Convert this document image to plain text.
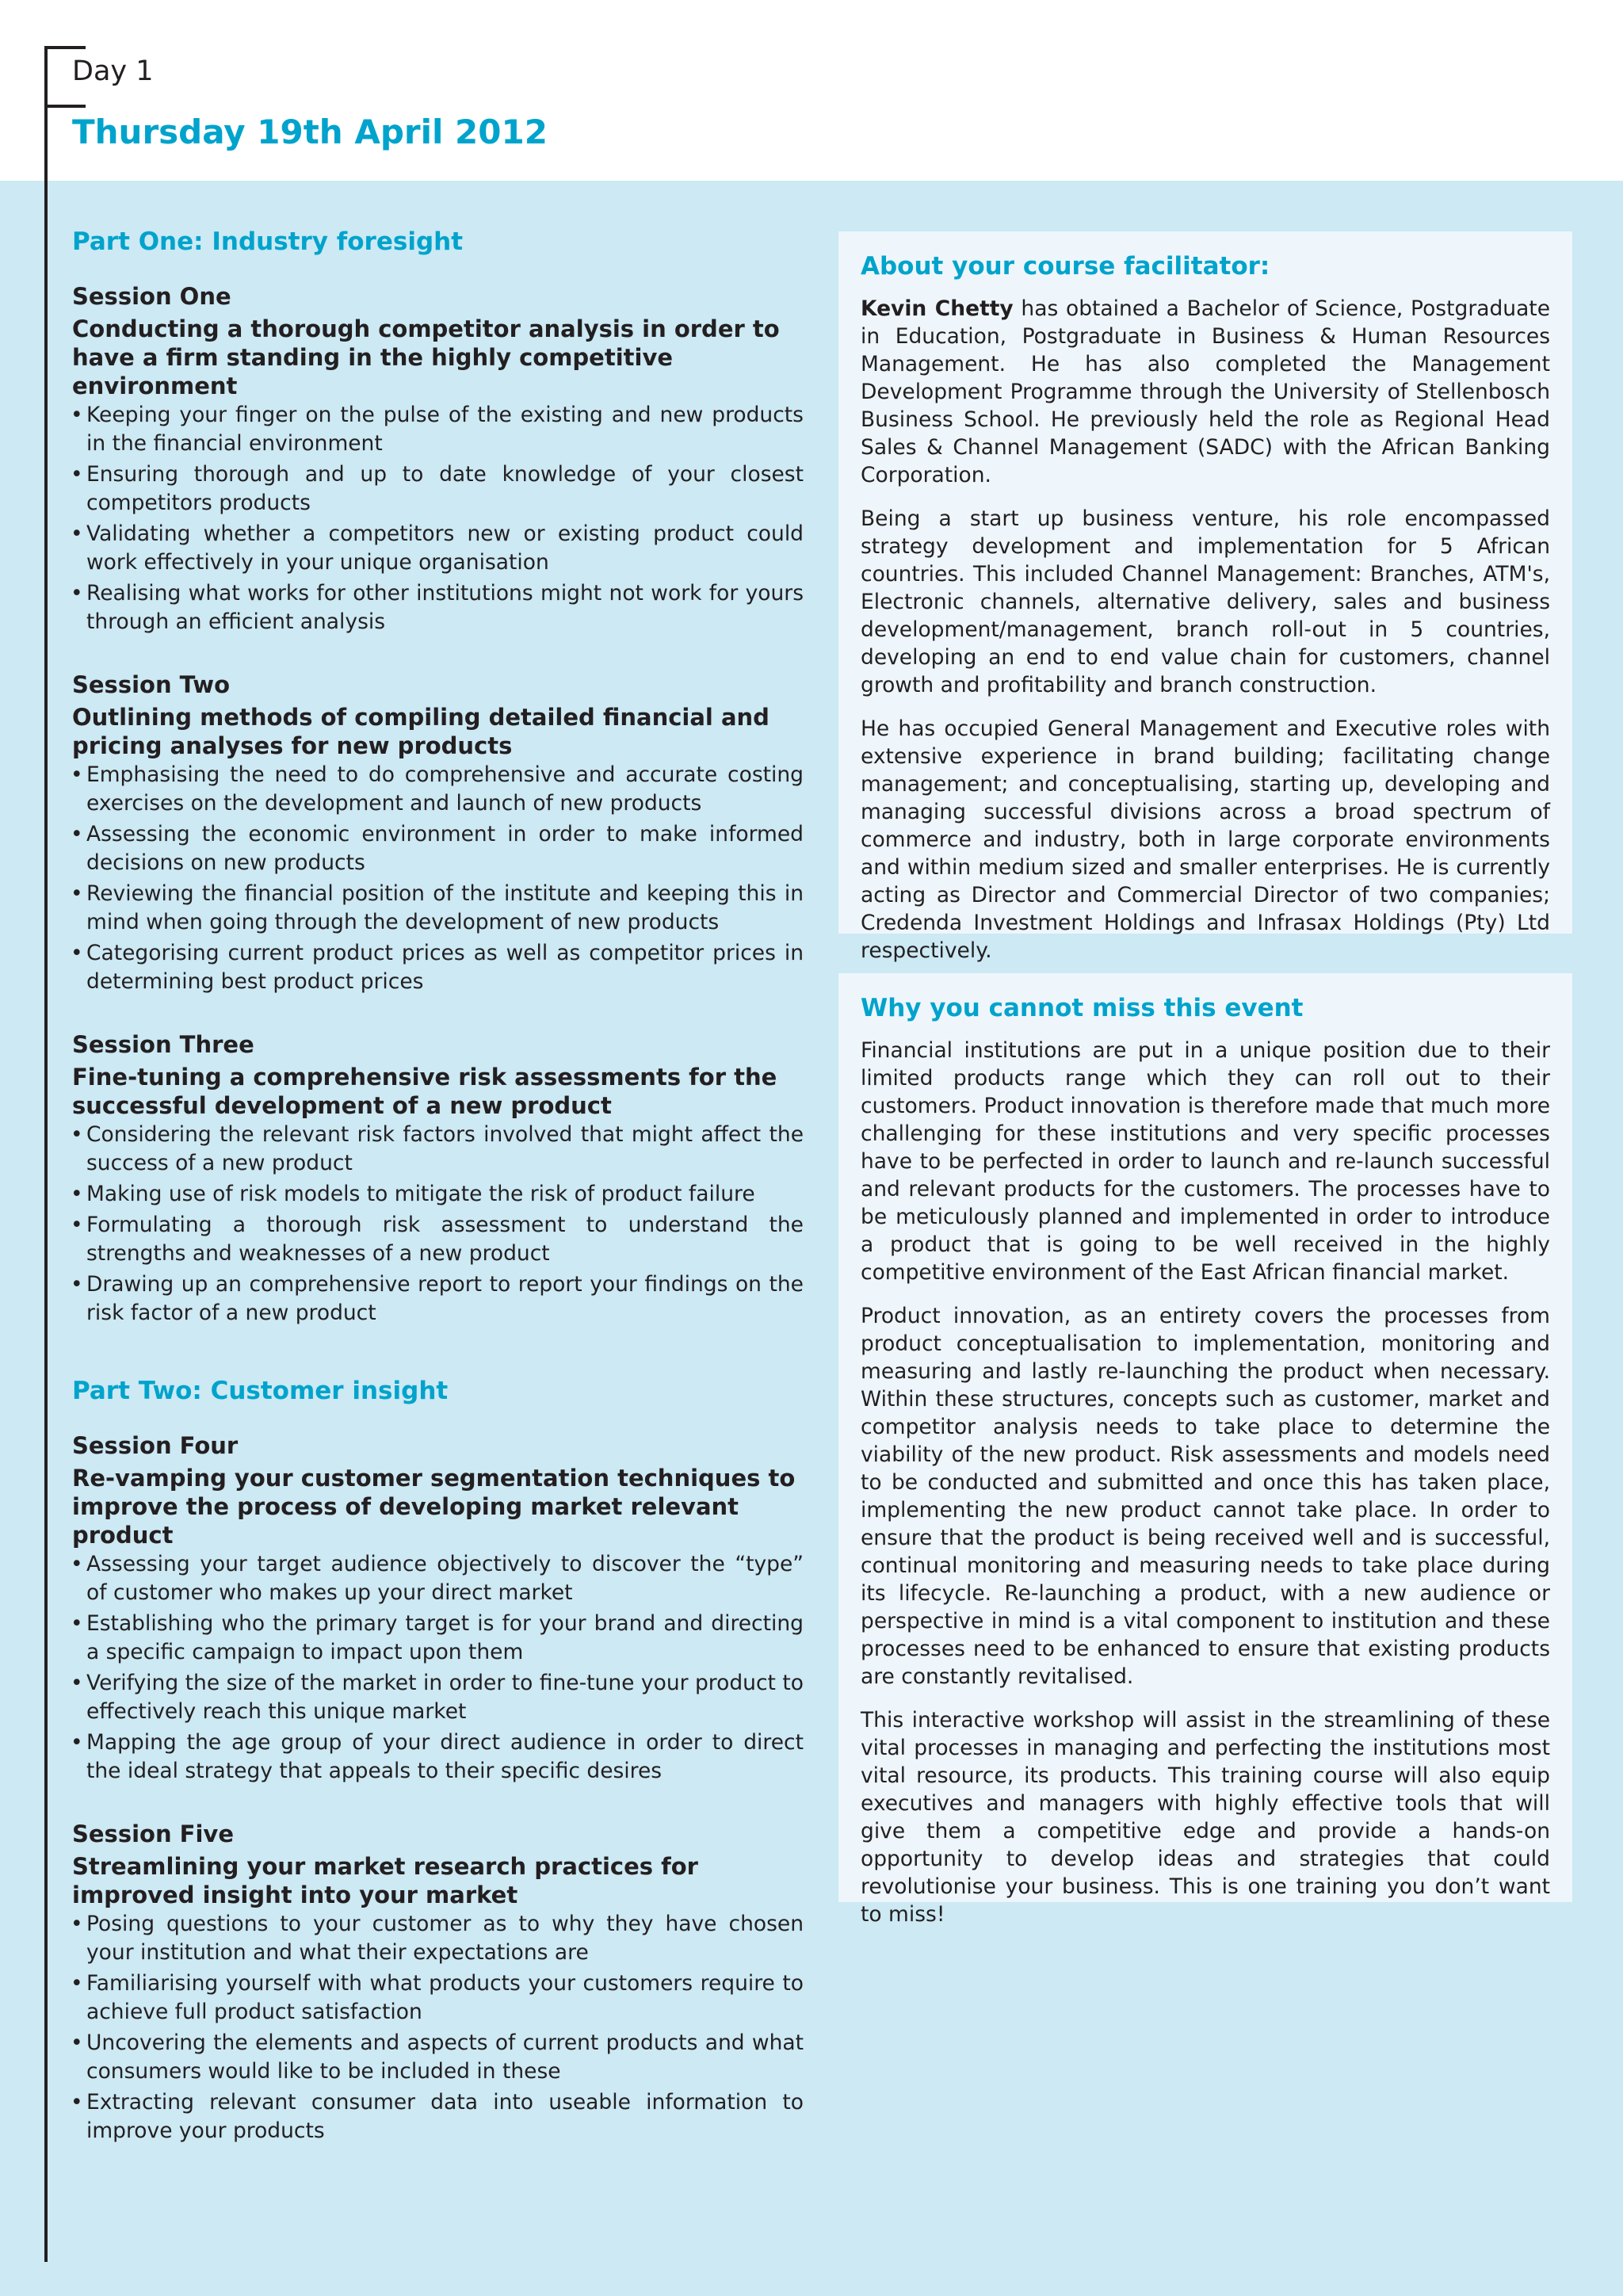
Day 1
Thursday 19th April 2012
Part One: Industry foresight
Session One
Conducting a thorough competitor analysis in order to have a firm standing in the highly competitive environment
• Keeping your finger on the pulse of the existing and new products in the financial environment
• Ensuring thorough and up to date knowledge of your closest competitors products
• Validating whether a competitors new or existing product could work effectively in your unique organisation
• Realising what works for other institutions might not work for yours through an efficient analysis
Session Two
Outlining methods of compiling detailed financial and pricing analyses for new products
• Emphasising the need to do comprehensive and accurate costing exercises on the development and launch of new products
• Assessing the economic environment in order to make informed decisions on new products
• Reviewing the financial position of the institute and keeping this in mind when going through the development of new products
• Categorising current product prices as well as competitor prices in determining best product prices
Session Three
Fine-tuning a comprehensive risk assessments for the successful development of a new product
• Considering the relevant risk factors involved that might affect the success of a new product
• Making use of risk models to mitigate the risk of product failure
• Formulating a thorough risk assessment to understand the strengths and weaknesses of a new product
• Drawing up an comprehensive report to report your findings on the risk factor of a new product
Part Two: Customer insight
Session Four
Re-vamping your customer segmentation techniques to improve the process of developing market relevant product
• Assessing your target audience objectively to discover the “type” of customer who makes up your direct market
• Establishing who the primary target is for your brand and directing a specific campaign to impact upon them
• Verifying the size of the market in order to fine-tune your product to effectively reach this unique market
• Mapping the age group of your direct audience in order to direct the ideal strategy that appeals to their specific desires
Session Five
Streamlining your market research practices for improved insight into your market
• Posing questions to your customer as to why they have chosen your institution and what their expectations are
• Familiarising yourself with what products your customers require to achieve full product satisfaction
• Uncovering the elements and aspects of current products and what consumers would like to be included in these
• Extracting relevant consumer data into useable information to improve your products
About your course facilitator:

Kevin Chetty has obtained a Bachelor of Science, Postgraduate in Education, Postgraduate in Business & Human Resources Management. He has also completed the Management Development Programme through the University of Stellenbosch Business School. He previously held the role as Regional Head Sales & Channel Management (SADC) with the African Banking Corporation.

Being a start up business venture, his role encompassed strategy development and implementation for 5 African countries. This included Channel Management: Branches, ATM's, Electronic channels, alternative delivery, sales and business development/management, branch roll-out in 5 countries, developing an end to end value chain for customers, channel growth and profitability and branch construction.

He has occupied General Management and Executive roles with extensive experience in brand building; facilitating change management; and conceptualising, starting up, developing and managing successful divisions across a broad spectrum of commerce and industry, both in large corporate environments and within medium sized and smaller enterprises. He is currently acting as Director and Commercial Director of two companies; Credenda Investment Holdings and Infrasax Holdings (Pty) Ltd respectively.

Why you cannot miss this event

Financial institutions are put in a unique position due to their limited products range which they can roll out to their customers. Product innovation is therefore made that much more challenging for these institutions and very specific processes have to be perfected in order to launch and re-launch successful and relevant products for the customers. The processes have to be meticulously planned and implemented in order to introduce a product that is going to be well received in the highly competitive environment of the East African financial market.

Product innovation, as an entirety covers the processes from product conceptualisation to implementation, monitoring and measuring and lastly re-launching the product when necessary. Within these structures, concepts such as customer, market and competitor analysis needs to take place to determine the viability of the new product. Risk assessments and models need to be conducted and submitted and once this has taken place, implementing the new product cannot take place. In order to ensure that the product is being received well and is successful, continual monitoring and measuring needs to take place during its lifecycle. Re-launching a product, with a new audience or perspective in mind is a vital component to institution and these processes need to be enhanced to ensure that existing products are constantly revitalised.

This interactive workshop will assist in the streamlining of these vital processes in managing and perfecting the institutions most vital resource, its products. This training course will also equip executives and managers with highly effective tools that will give them a competitive edge and provide a hands-on opportunity to develop ideas and strategies that could revolutionise your business. This is one training you don’t want to miss!
